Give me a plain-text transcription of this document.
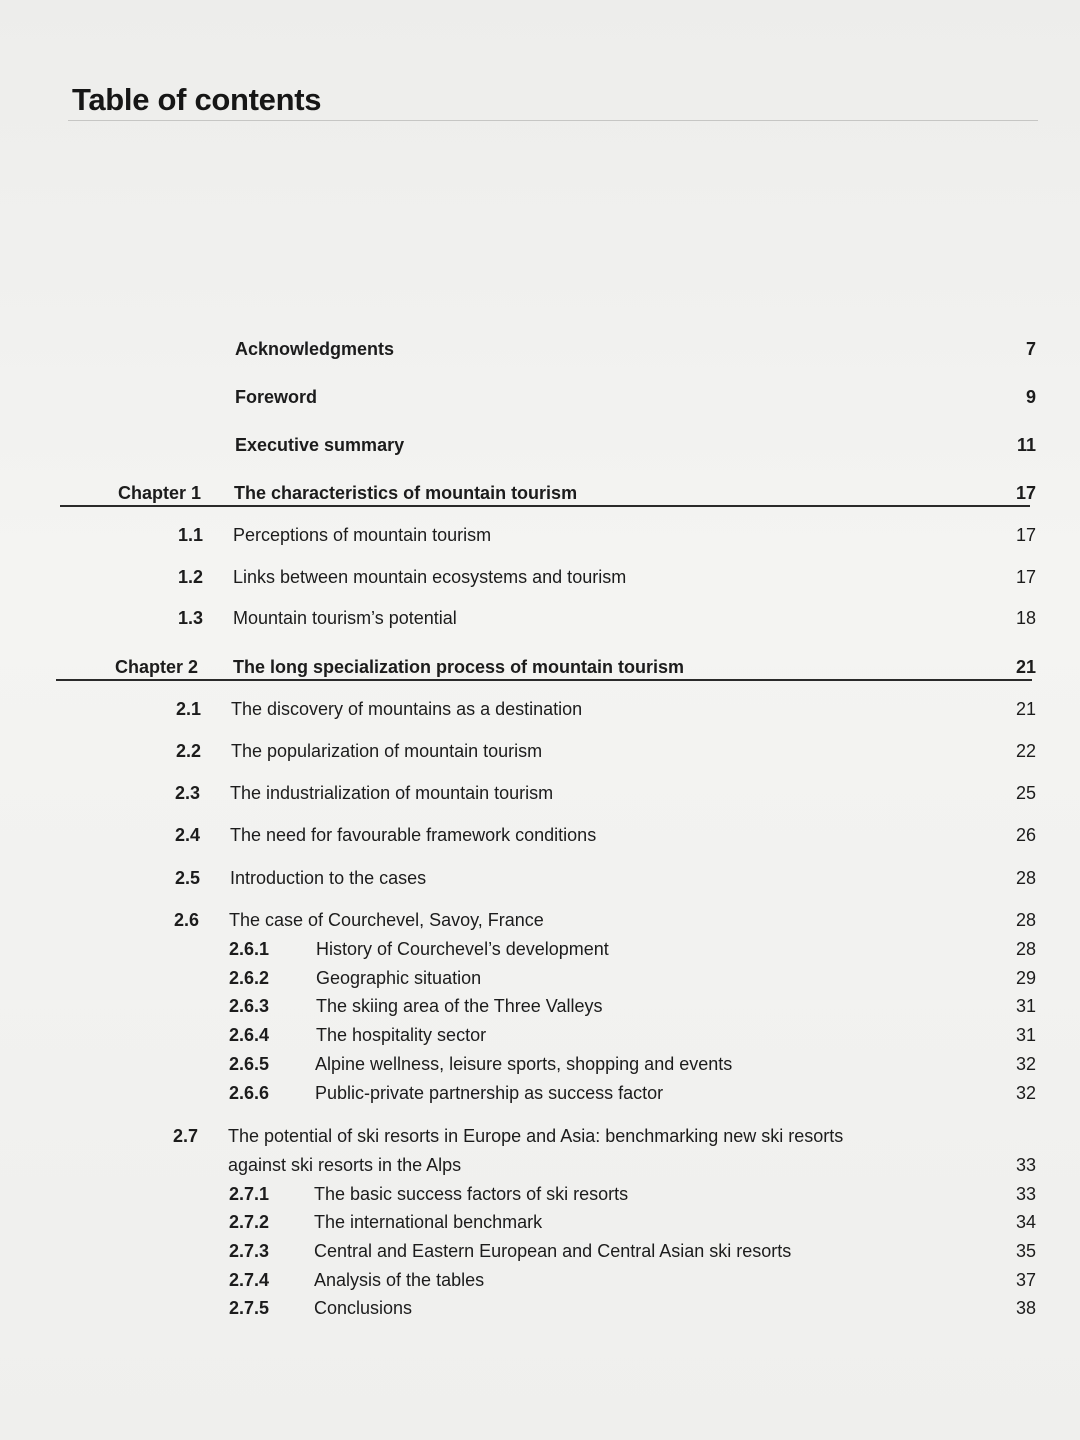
Table of contents
Acknowledgments	7
Foreword	9
Executive summary	11
Chapter 1 The characteristics of mountain tourism	17
1.1 Perceptions of mountain tourism	17
1.2 Links between mountain ecosystems and tourism	17
1.3 Mountain tourism’s potential	18
Chapter 2 The long specialization process of mountain tourism	21
2.1 The discovery of mountains as a destination	21
2.2 The popularization of mountain tourism	22
2.3 The industrialization of mountain tourism	25
2.4 The need for favourable framework conditions	26
2.5 Introduction to the cases	28
2.6 The case of Courchevel, Savoy, France	28
2.6.1	History of Courchevel’s development	28
2.6.2	Geographic situation	29
2.6.3	The skiing area of the Three Valleys	31
2.6.4	The hospitality sector	31
2.6.5	Alpine wellness, leisure sports, shopping and events	32
2.6.6	Public-private partnership as success factor	32
2.7 The potential of ski resorts in Europe and Asia: benchmarking new ski resorts
against ski resorts in the Alps	33
2.7.1 The basic success factors of ski resorts	33
2.7.2 The international benchmark	34
2.7.3 Central and Eastern European and Central Asian ski resorts	35
2.7.4 Analysis of the tables	37
2.7.5 Conclusions	38
